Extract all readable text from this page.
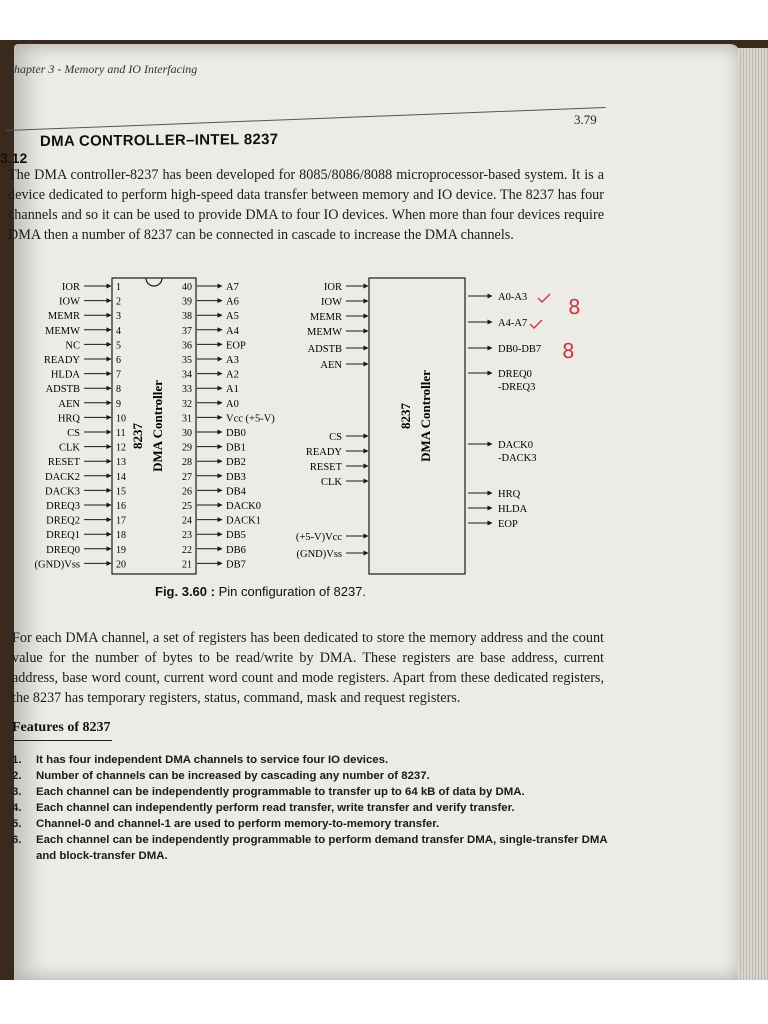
Chapter 3 - Memory and IO Interfacing
3.79
3.12
DMA CONTROLLER–INTEL 8237
The DMA controller-8237 has been developed for 8085/8086/8088 microprocessor-based system. It is a device dedicated to perform high-speed data transfer between memory and IO device. The 8237 has four channels and so it can be used to provide DMA to four IO devices. When more than four devices require DMA then a number of 8237 can be connected in cascade to increase the DMA channels.
8237 DMA Controller
IOR	1
IOW	2
MEMR	3
MEMW	4
NC	5
READY	6
HLDA	7
ADSTB	8
AEN	9
HRQ	10
CS	11
CLK	12
RESET	13
DACK2	14
DACK3	15
DREQ3	16
DREQ2	17
DREQ1	18
DREQ0	19
(GND)Vss	20
40	A7
39	A6
38	A5
37	A4
36	EOP
35	A3
34	A2
33	A1
32	A0
31	Vcc (+5-V)
30	DB0
29	DB1
28	DB2
27	DB3
26	DB4
25	DACK0
24	DACK1
23	DB5
22	DB6
21	DB7
8237 DMA Controller
IOR
IOW
MEMR
MEMW
ADSTB
AEN
CS
READY
RESET
CLK
(+5-V)Vcc
(GND)Vss
A0-A3
A4-A7
DB0-DB7
DREQ0
-DREQ3
DACK0
-DACK3
HRQ
HLDA
EOP
8
8
Fig. 3.60 : Pin configuration of 8237.
For each DMA channel, a set of registers has been dedicated to store the memory address and the count value for the number of bytes to be read/write by DMA. These registers are base address, current address, base word count, current word count and mode registers. Apart from these dedicated registers, the 8237 has temporary registers, status, command, mask and request registers.
Features of 8237
1.	It has four independent DMA channels to service four IO devices.
2.	Number of channels can be increased by cascading any number of 8237.
3.	Each channel can be independently programmable to transfer up to 64 kB of data by DMA.
4.	Each channel can independently perform read transfer, write transfer and verify transfer.
5.	Channel-0 and channel-1 are used to perform memory-to-memory transfer.
6.	Each channel can be independently programmable to perform demand transfer DMA, single-transfer DMA and block-transfer DMA.
